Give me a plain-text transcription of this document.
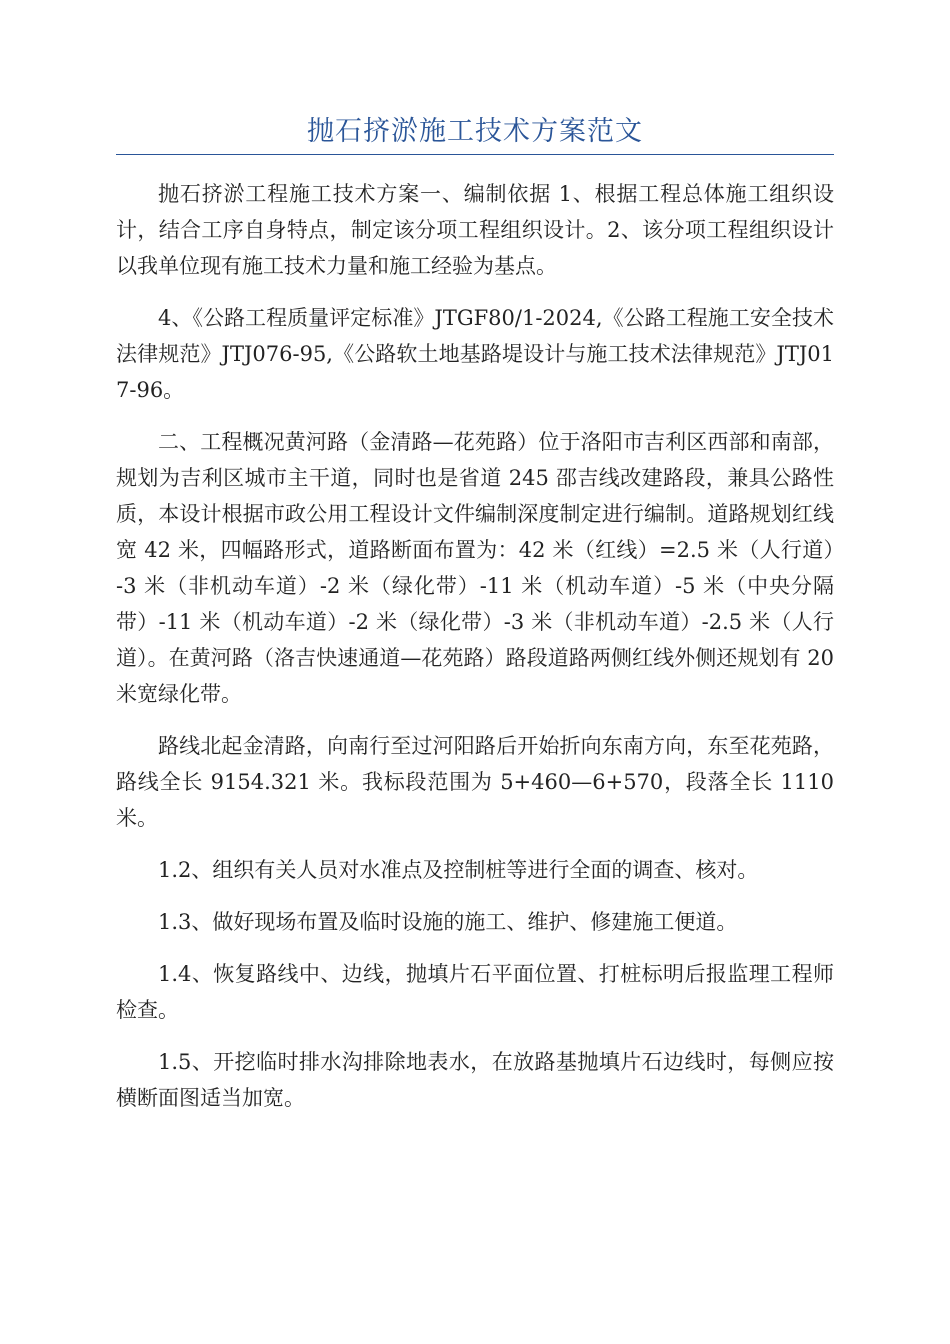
抛石挤淤施工技术方案范文

抛石挤淤工程施工技术方案一、编制依据 1、根据工程总体施工组织设计，结合工序自身特点，制定该分项工程组织设计。2、该分项工程组织设计以我单位现有施工技术力量和施工经验为基点。

4、《公路工程质量评定标准》JTGF80/1-2024,《公路工程施工安全技术法律规范》JTJ076-95,《公路软土地基路堤设计与施工技术法律规范》JTJ017-96。

二、工程概况黄河路（金清路—花苑路）位于洛阳市吉利区西部和南部，规划为吉利区城市主干道，同时也是省道 245 邵吉线改建路段，兼具公路性质，本设计根据市政公用工程设计文件编制深度制定进行编制。道路规划红线宽 42 米，四幅路形式，道路断面布置为：42 米（红线）=2.5 米（人行道）-3 米（非机动车道）-2 米（绿化带）-11 米（机动车道）-5 米（中央分隔带）-11 米（机动车道）-2 米（绿化带）-3 米（非机动车道）-2.5 米（人行道）。在黄河路（洛吉快速通道—花苑路）路段道路两侧红线外侧还规划有 20 米宽绿化带。

路线北起金清路，向南行至过河阳路后开始折向东南方向，东至花苑路，路线全长 9154.321 米。我标段范围为 5+460—6+570，段落全长 1110 米。

1.2、组织有关人员对水准点及控制桩等进行全面的调查、核对。

1.3、做好现场布置及临时设施的施工、维护、修建施工便道。

1.4、恢复路线中、边线，抛填片石平面位置、打桩标明后报监理工程师检查。

1.5、开挖临时排水沟排除地表水，在放路基抛填片石边线时，每侧应按横断面图适当加宽。
